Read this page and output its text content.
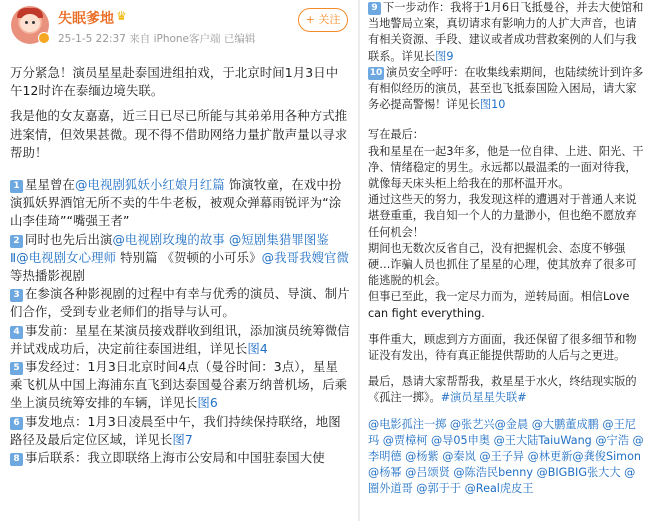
失眠爹地 ♛
25-1-5 22:37 来自 iPhone客户端 已编辑
+ 关注

万分紧急！演员星星赴泰国进组拍戏，于北京时间1月3日中午12时许在泰缅边境失联。

我是他的女友嘉嘉，近三日已尽已所能与其弟弟用各种方式推进案情，但效果甚微。现不得不借助网络力量扩散声量以寻求帮助！

1 星星曾在@电视剧狐妖小红娘月红篇 饰演牧童，在戏中扮演狐妖界酒馆无所不卖的牛牛老板，被观众弹幕雨锐评为“涂山李佳琦”“嘴强王者”

2 同时也先后出演@电视剧玫瑰的故事 @短剧集猎罪图鉴 Ⅱ@电视剧女心理师 特别篇 《贺顿的小可乐》@我哥我嫂官微 等热播影视剧

3 在参演各种影视剧的过程中有幸与优秀的演员、导演、制片们合作，受到专业老师们的指导与认可。

4 事发前：星星在某演员接戏群收到组讯，添加演员统筹微信并试戏成功后，决定前往泰国进组，详见长图4

5 事发经过：1月3日北京时间4点（曼谷时间：3点），星星乘飞机从中国上海浦东直飞到达泰国曼谷素万纳普机场，后乘坐上演员统筹安排的车辆，详见长图6

6 事发地点：1月3日凌晨至中午，我们持续保持联络，地图路径及最后定位区域，详见长图7

8 事后联系：我立即联络上海市公安局和中国驻泰国大使

9 下一步动作：我将于1月6日飞抵曼谷，并去大使馆和当地警局立案，真切请求有影响力的人扩大声音，也请有相关资源、手段、建议或者成功营救案例的人们与我联系。详见长图9

10 演员安全呼吁：在收集线索期间，也陆续统计到许多有相似经历的演员，甚至也飞抵泰国险入困局，请大家务必提高警惕！详见长图10

写在最后：

我和星星在一起3年多，他是一位自律、上进、阳光、干净、情绪稳定的男生。永远都以最温柔的一面对待我，就像每天床头柜上给我在的那杯温开水。

通过这些天的努力，我发现这样的遭遇对于普通人来说堪登重重，我自知一个人的力量渺小，但也绝不愿放弃任何机会！

期间也无数次反省自己，没有把握机会、态度不够强硬…诈骗人员也抓住了星星的心理，使其放弃了很多可能逃脱的机会。

但事已至此，我一定尽力而为，逆转局面。相信Love can fight everything.

事件重大，顾虑到方方面面，我还保留了很多细节和物证没有发出，待有真正能提供帮助的人后与之更进。

最后，恳请大家帮帮我，救星星于水火，终结现实版的《孤注一掷》。#演员星星失联#

@电影孤注一掷 @张艺兴@金晨 @大鹏董成鹏 @王尼玛 @贾樟柯 @导05申奥 @王大陆TaiuWang @宁浩 @李明德 @杨紫 @秦岚 @王子异 @林更新@龚俊Simon @杨幂 @吕颂贤 @陈浩民benny @BIGBIG张大大 @圈外道哥 @郭于于 @Real虎皮王
